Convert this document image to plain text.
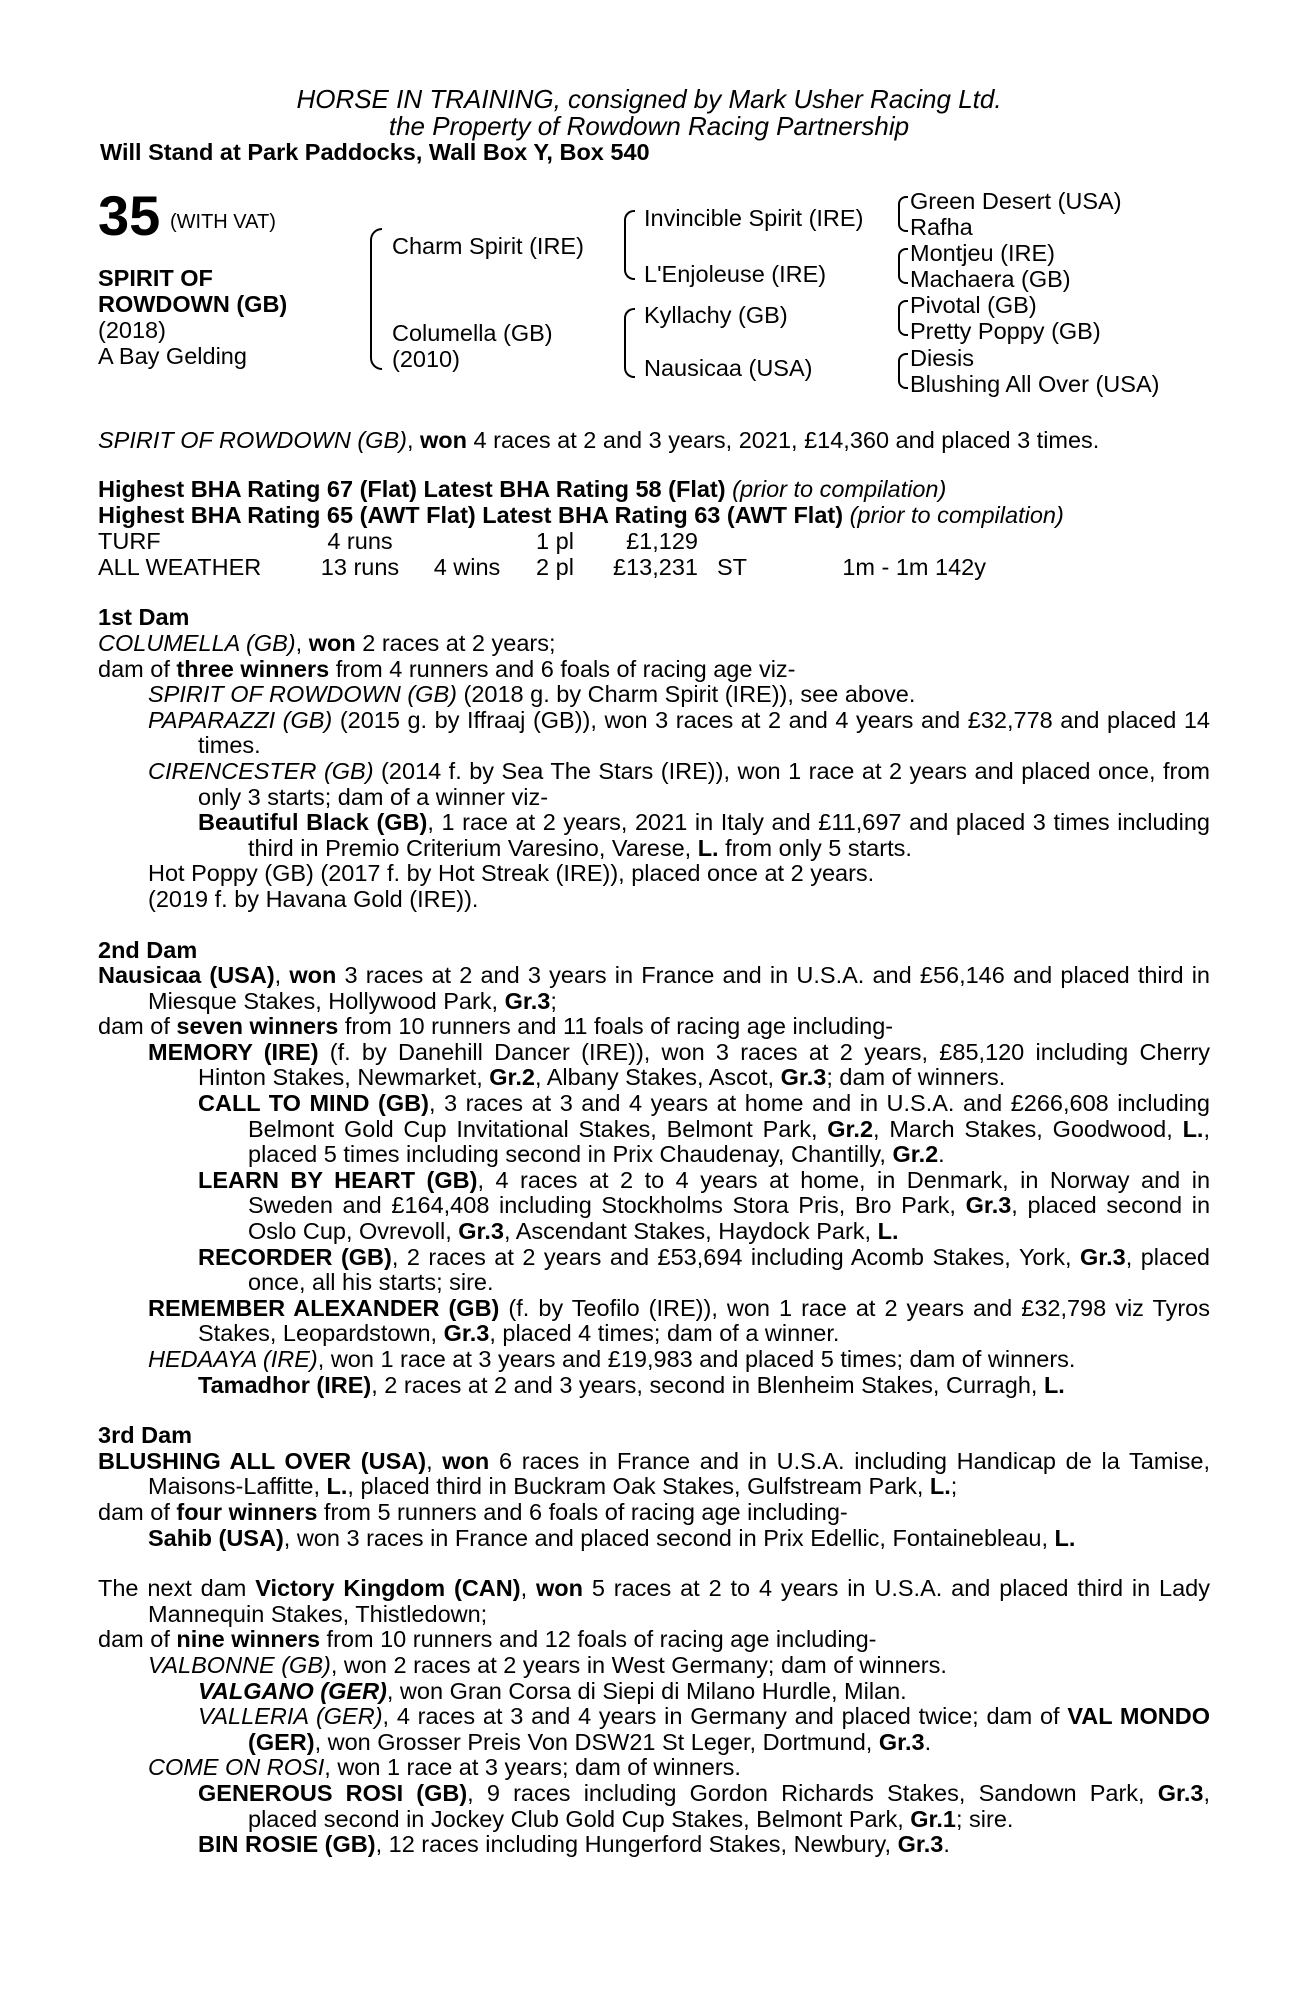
HORSE IN TRAINING, consigned by Mark Usher Racing Ltd.
the Property of Rowdown Racing Partnership
Will Stand at Park Paddocks, Wall Box Y, Box 540
35 (WITH VAT)
SPIRIT OF
ROWDOWN (GB)
(2018)
A Bay Gelding
Charm Spirit (IRE)
Columella (GB)
(2010)
Invincible Spirit (IRE)
L'Enjoleuse (IRE)
Kyllachy (GB)
Nausicaa (USA)
Green Desert (USA)
Rafha
Montjeu (IRE)
Machaera (GB)
Pivotal (GB)
Pretty Poppy (GB)
Diesis
Blushing All Over (USA)
SPIRIT OF ROWDOWN (GB), won 4 races at 2 and 3 years, 2021, £14,360 and placed 3 times.
Highest BHA Rating 67 (Flat) Latest BHA Rating 58 (Flat) (prior to compilation)
Highest BHA Rating 65 (AWT Flat) Latest BHA Rating 63 (AWT Flat) (prior to compilation)
TURF	4 runs		1 pl	£1,129		
ALL WEATHER	13 runs	4 wins	2 pl	£13,231	ST	1m - 1m 142y
1st Dam
COLUMELLA (GB), won 2 races at 2 years;
dam of three winners from 4 runners and 6 foals of racing age viz-
SPIRIT OF ROWDOWN (GB) (2018 g. by Charm Spirit (IRE)), see above.
PAPARAZZI (GB) (2015 g. by Iffraaj (GB)), won 3 races at 2 and 4 years and £32,778 and placed 14 times.
CIRENCESTER (GB) (2014 f. by Sea The Stars (IRE)), won 1 race at 2 years and placed once, from only 3 starts; dam of a winner viz-
Beautiful Black (GB), 1 race at 2 years, 2021 in Italy and £11,697 and placed 3 times including third in Premio Criterium Varesino, Varese, L. from only 5 starts.
Hot Poppy (GB) (2017 f. by Hot Streak (IRE)), placed once at 2 years.
(2019 f. by Havana Gold (IRE)).
2nd Dam
Nausicaa (USA), won 3 races at 2 and 3 years in France and in U.S.A. and £56,146 and placed third in Miesque Stakes, Hollywood Park, Gr.3;
dam of seven winners from 10 runners and 11 foals of racing age including-
MEMORY (IRE) (f. by Danehill Dancer (IRE)), won 3 races at 2 years, £85,120 including Cherry Hinton Stakes, Newmarket, Gr.2, Albany Stakes, Ascot, Gr.3; dam of winners.
CALL TO MIND (GB), 3 races at 3 and 4 years at home and in U.S.A. and £266,608 including Belmont Gold Cup Invitational Stakes, Belmont Park, Gr.2, March Stakes, Goodwood, L., placed 5 times including second in Prix Chaudenay, Chantilly, Gr.2.
LEARN BY HEART (GB), 4 races at 2 to 4 years at home, in Denmark, in Norway and in Sweden and £164,408 including Stockholms Stora Pris, Bro Park, Gr.3, placed second in Oslo Cup, Ovrevoll, Gr.3, Ascendant Stakes, Haydock Park, L.
RECORDER (GB), 2 races at 2 years and £53,694 including Acomb Stakes, York, Gr.3, placed once, all his starts; sire.
REMEMBER ALEXANDER (GB) (f. by Teofilo (IRE)), won 1 race at 2 years and £32,798 viz Tyros Stakes, Leopardstown, Gr.3, placed 4 times; dam of a winner.
HEDAAYA (IRE), won 1 race at 3 years and £19,983 and placed 5 times; dam of winners.
Tamadhor (IRE), 2 races at 2 and 3 years, second in Blenheim Stakes, Curragh, L.
3rd Dam
BLUSHING ALL OVER (USA), won 6 races in France and in U.S.A. including Handicap de la Tamise, Maisons-Laffitte, L., placed third in Buckram Oak Stakes, Gulfstream Park, L.;
dam of four winners from 5 runners and 6 foals of racing age including-
Sahib (USA), won 3 races in France and placed second in Prix Edellic, Fontainebleau, L.
The next dam Victory Kingdom (CAN), won 5 races at 2 to 4 years in U.S.A. and placed third in Lady Mannequin Stakes, Thistledown;
dam of nine winners from 10 runners and 12 foals of racing age including-
VALBONNE (GB), won 2 races at 2 years in West Germany; dam of winners.
VALGANO (GER), won Gran Corsa di Siepi di Milano Hurdle, Milan.
VALLERIA (GER), 4 races at 3 and 4 years in Germany and placed twice; dam of VAL MONDO (GER), won Grosser Preis Von DSW21 St Leger, Dortmund, Gr.3.
COME ON ROSI, won 1 race at 3 years; dam of winners.
GENEROUS ROSI (GB), 9 races including Gordon Richards Stakes, Sandown Park, Gr.3, placed second in Jockey Club Gold Cup Stakes, Belmont Park, Gr.1; sire.
BIN ROSIE (GB), 12 races including Hungerford Stakes, Newbury, Gr.3.
